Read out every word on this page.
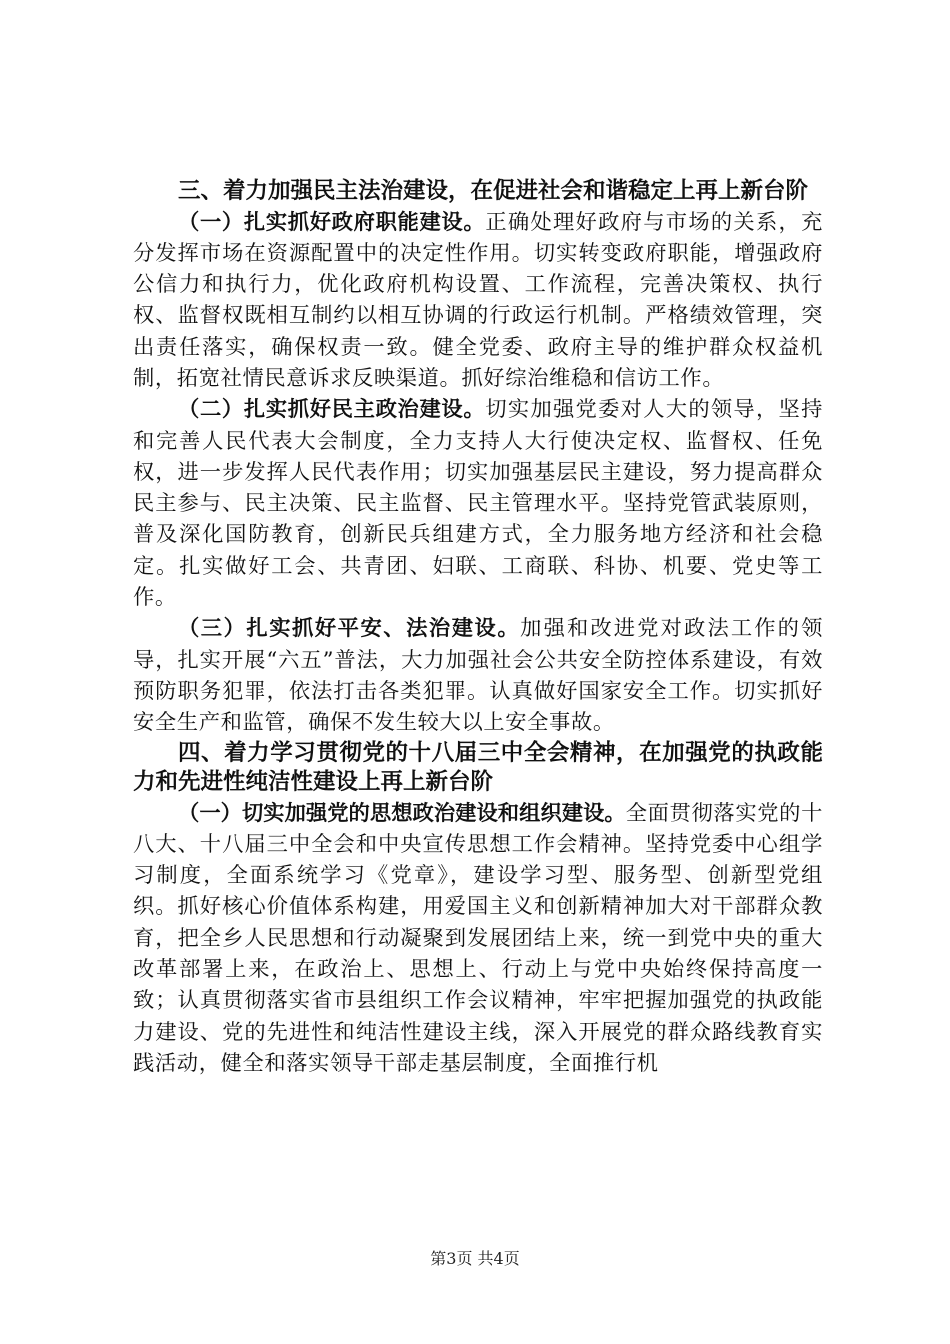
三、着力加强民主法治建设，在促进社会和谐稳定上再上新台阶

（一）扎实抓好政府职能建设。正确处理好政府与市场的关系，充分发挥市场在资源配置中的决定性作用。切实转变政府职能，增强政府公信力和执行力，优化政府机构设置、工作流程，完善决策权、执行权、监督权既相互制约以相互协调的行政运行机制。严格绩效管理，突出责任落实，确保权责一致。健全党委、政府主导的维护群众权益机制，拓宽社情民意诉求反映渠道。抓好综治维稳和信访工作。

（二）扎实抓好民主政治建设。切实加强党委对人大的领导，坚持和完善人民代表大会制度，全力支持人大行使决定权、监督权、任免权，进一步发挥人民代表作用；切实加强基层民主建设，努力提高群众民主参与、民主决策、民主监督、民主管理水平。坚持党管武装原则，普及深化国防教育，创新民兵组建方式，全力服务地方经济和社会稳定。扎实做好工会、共青团、妇联、工商联、科协、机要、党史等工作。

（三）扎实抓好平安、法治建设。加强和改进党对政法工作的领导，扎实开展“六五”普法，大力加强社会公共安全防控体系建设，有效预防职务犯罪，依法打击各类犯罪。认真做好国家安全工作。切实抓好安全生产和监管，确保不发生较大以上安全事故。

四、着力学习贯彻党的十八届三中全会精神，在加强党的执政能力和先进性纯洁性建设上再上新台阶

（一）切实加强党的思想政治建设和组织建设。全面贯彻落实党的十八大、十八届三中全会和中央宣传思想工作会精神。坚持党委中心组学习制度，全面系统学习《党章》，建设学习型、服务型、创新型党组织。抓好核心价值体系构建，用爱国主义和创新精神加大对干部群众教育，把全乡人民思想和行动凝聚到发展团结上来，统一到党中央的重大改革部署上来，在政治上、思想上、行动上与党中央始终保持高度一致；认真贯彻落实省市县组织工作会议精神，牢牢把握加强党的执政能力建设、党的先进性和纯洁性建设主线，深入开展党的群众路线教育实践活动，健全和落实领导干部走基层制度，全面推行机

第3页 共4页
